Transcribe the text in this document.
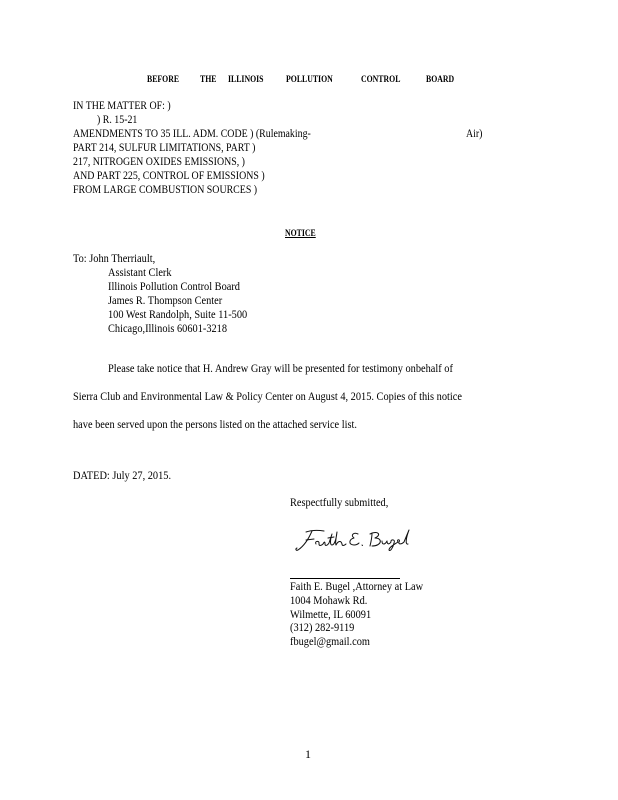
BEFORE THE ILLINOIS POLLUTION	CONTROL	BOARD
IN THE MATTER OF: )
) R. 15-21
AMENDMENTS TO 35 ILL. ADM. CODE ) (Rulemaking-	Air)
PART 214, SULFUR LIMITATIONS, PART )
217, NITROGEN OXIDES EMISSIONS, )
AND PART 225, CONTROL OF EMISSIONS )
FROM LARGE COMBUSTION SOURCES )
NOTICE
To: John Therriault,
Assistant Clerk
Illinois Pollution Control Board
James R. Thompson Center
100 West Randolph, Suite 11-500
Chicago,Illinois 60601-3218
Please take notice that H. Andrew Gray will be presented for testimony onbehalf of
Sierra Club and Environmental Law & Policy Center on August 4, 2015. Copies of this notice
have been served upon the persons listed on the attached service list.
DATED: July 27, 2015.
Respectfully submitted,
Faith E. Bugel ,Attorney at Law
1004 Mohawk Rd.
Wilmette, IL 60091
(312) 282-9119
fbugel@gmail.com
1
